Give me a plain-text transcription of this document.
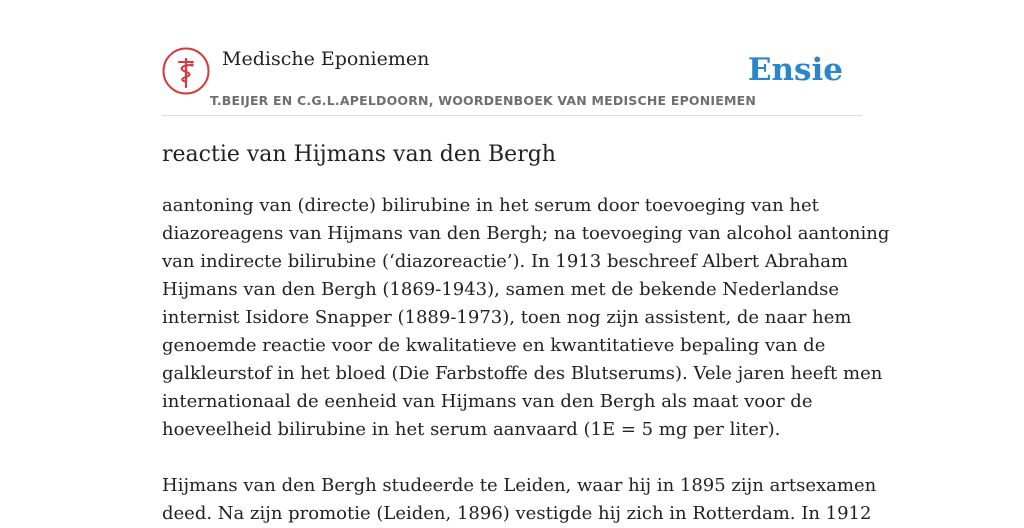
Medische Eponiemen
T.BEIJER EN C.G.L.APELDOORN, WOORDENBOEK VAN MEDISCHE EPONIEMEN
Ensie
reactie van Hijmans van den Bergh
aantoning van (directe) bilirubine in het serum door toevoeging van het
diazoreagens van Hijmans van den Bergh; na toevoeging van alcohol aantoning
van indirecte bilirubine (‘diazoreactie’). In 1913 beschreef Albert Abraham
Hijmans van den Bergh (1869-1943), samen met de bekende Nederlandse
internist Isidore Snapper (1889-1973), toen nog zijn assistent, de naar hem
genoemde reactie voor de kwalitatieve en kwantitatieve bepaling van de
galkleurstof in het bloed (Die Farbstoffe des Blutserums). Vele jaren heeft men
internationaal de eenheid van Hijmans van den Bergh als maat voor de
hoeveelheid bilirubine in het serum aanvaard (1E = 5 mg per liter).
Hijmans van den Bergh studeerde te Leiden, waar hij in 1895 zijn artsexamen
deed. Na zijn promotie (Leiden, 1896) vestigde hij zich in Rotterdam. In 1912
